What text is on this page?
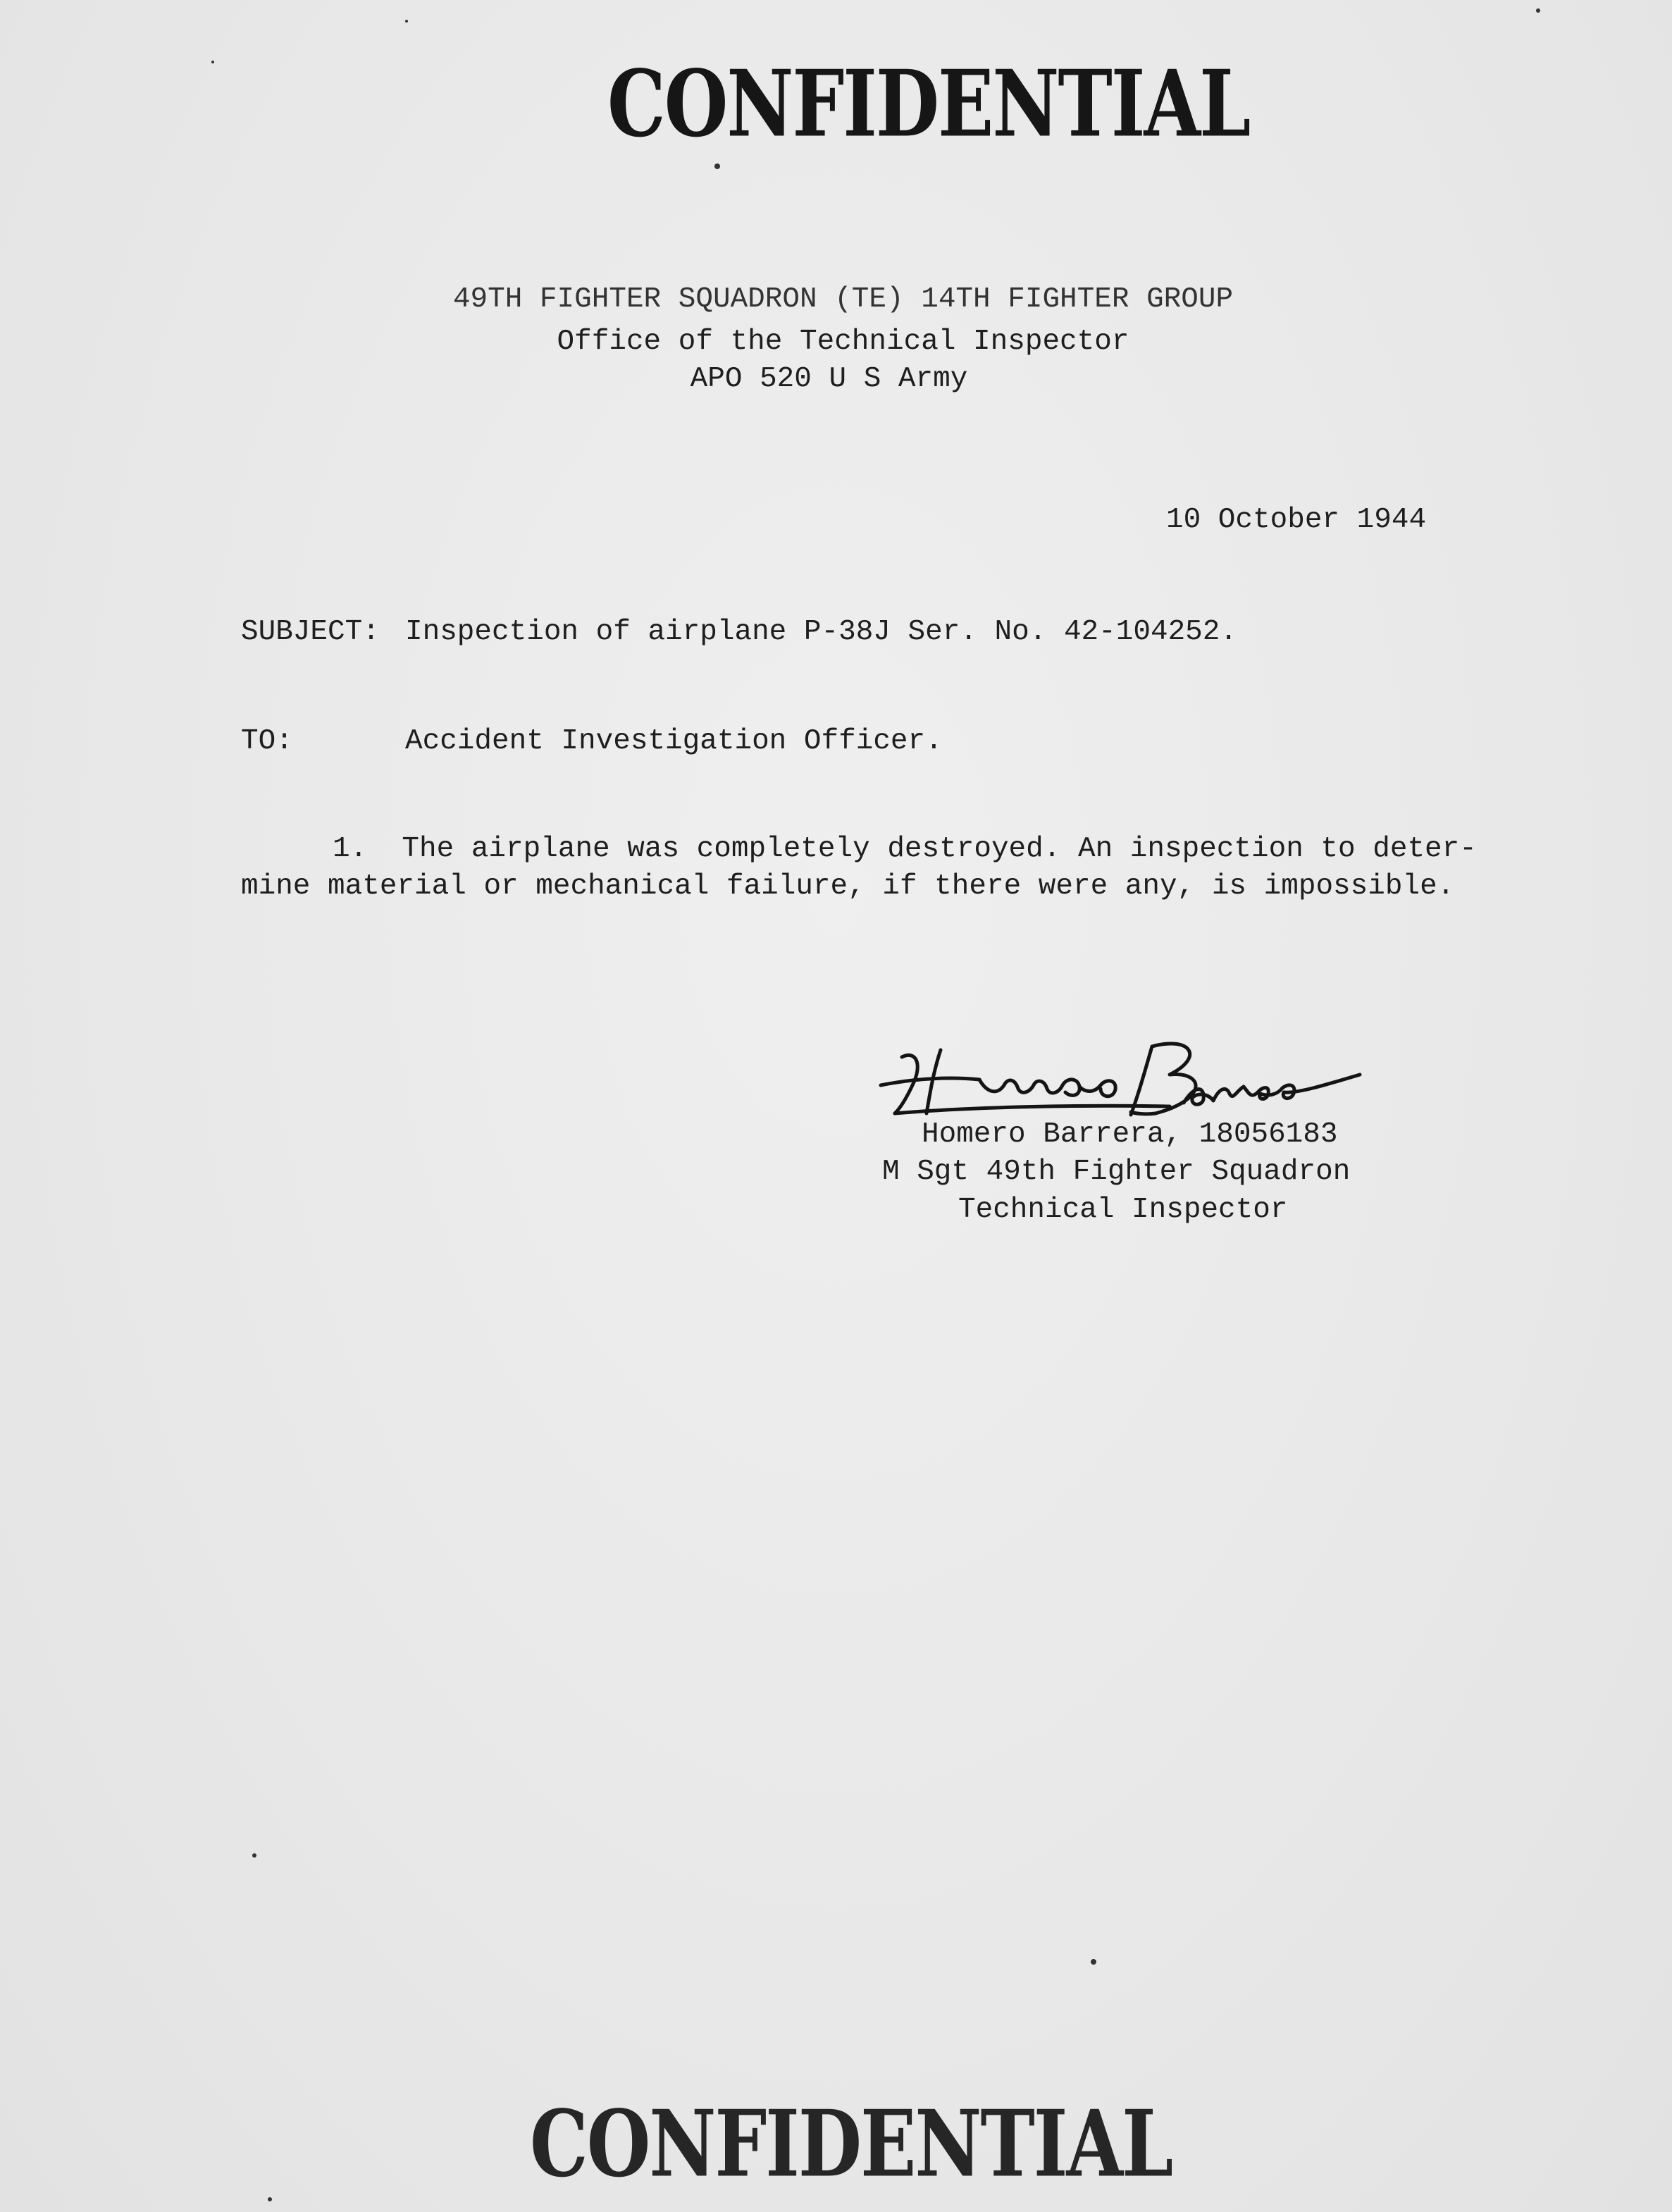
CONFIDENTIAL
49TH FIGHTER SQUADRON (TE) 14TH FIGHTER GROUP
Office of the Technical Inspector
APO 520 U S Army
10 October 1944
SUBJECT: Inspection of airplane P-38J Ser. No. 42-104252.
TO:	Accident Investigation Officer.
1.  The airplane was completely destroyed. An inspection to deter-
mine material or mechanical failure, if there were any, is impossible.
Homero Barrera, 18056183
M Sgt 49th Fighter Squadron
Technical Inspector
CONFIDENTIAL
